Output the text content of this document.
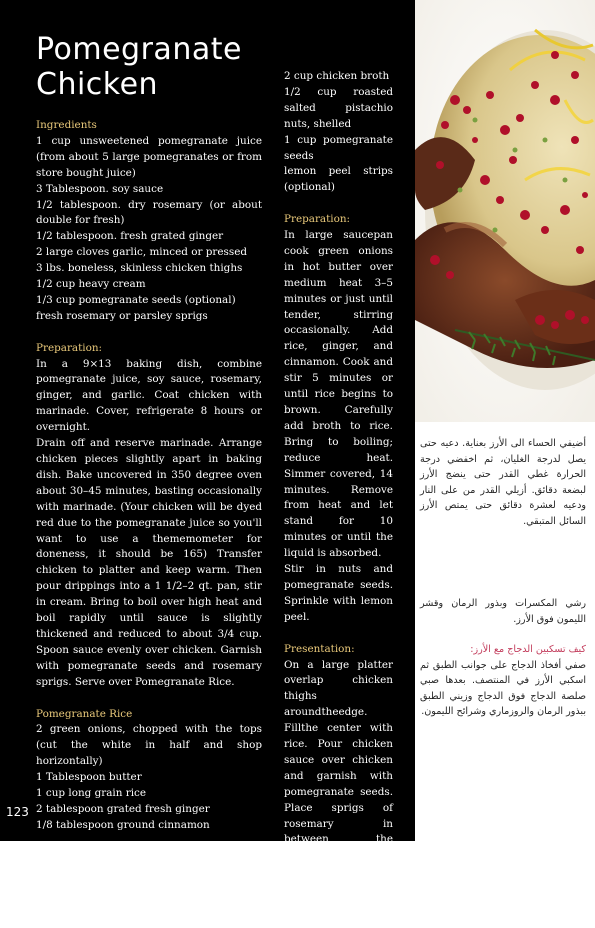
Pomegranate
Chicken

Ingredients

1 cup unsweetened pomegranate juice (from about 5 large pomegranates or from store bought juice)

3 Tablespoon. soy sauce

1/2 tablespoon. dry rosemary (or about double for fresh)

1/2 tablespoon. fresh grated ginger

2 large cloves garlic, minced or pressed

3 lbs. boneless, skinless chicken thighs

1/2 cup heavy cream

1/3 cup pomegranate seeds (optional)

fresh rosemary or parsley sprigs

Preparation:

In a 9×13 baking dish, combine pomegranate juice, soy sauce, rosemary, ginger, and garlic. Coat chicken with marinade. Cover, refrigerate 8 hours or overnight.

Drain off and reserve marinade. Arrange chicken pieces slightly apart in baking dish. Bake uncovered in 350 degree oven about 30–45 minutes, basting occasionally with marinade. (Your chicken will be dyed red due to the pomegranate juice so you'll want to use a thememometer for doneness, it should be 165) Transfer chicken to platter and keep warm. Then pour drippings into a 1 1/2–2 qt. pan, stir in cream. Bring to boil over high heat and boil rapidly until sauce is slightly thickened and reduced to about 3/4 cup. Spoon sauce evenly over chicken. Garnish with pomegranate seeds and rosemary sprigs. Serve over Pomegranate Rice.

Pomegranate Rice

2 green onions, chopped with the tops (cut the white in half and shop horizontally)

1 Tablespoon butter

1 cup long grain rice

2 tablespoon grated fresh ginger

1/8 tablespoon ground cinnamon

2 cup chicken broth

1/2 cup roasted salted pistachio nuts, shelled

1 cup pomegranate seeds

lemon peel strips (optional)

Preparation:

In large saucepan cook green onions in hot butter over medium heat 3–5 minutes or just until tender, stirring occasionally. Add rice, ginger, and cinnamon. Cook and stir 5 minutes or until rice begins to brown. Carefully add broth to rice. Bring to boiling; reduce heat. Simmer covered, 14 minutes. Remove from heat and let stand for 10 minutes or until the liquid is absorbed.

Stir in nuts and pomegranate seeds. Sprinkle with lemon peel.

Presentation:

On a large platter overlap chicken thighs aroundtheedge. Fillthe center with rice. Pour chicken sauce over chicken and garnish with pomegranate seeds. Place sprigs of rosemary in between the chicken thighs and one in the center of the rice. Place lemon strips on top of rice.

123
أضيفي الحساء الى الأرز بعناية. دعيه حتى يصل لدرجة الغليان، ثم اخفضي درجة الحرارة غطي القدر حتى ينضج الأرز لبضعة دقائق. أزيلي القدر من على النار ودعيه لعشرة دقائق حتى يمتص الأرز السائل المتبقي.
رشي المكسرات وبذور الرمان وقشر الليمون فوق الأرز.
كيف تسكبين الدجاج مع الأرز:
صفي أفخاذ الدجاج على جوانب الطبق ثم اسكبي الأرز في المنتصف. بعدها صبي صلصة الدجاج فوق الدجاج وزيني الطبق ببذور الرمان والروزماري وشرائح الليمون.
